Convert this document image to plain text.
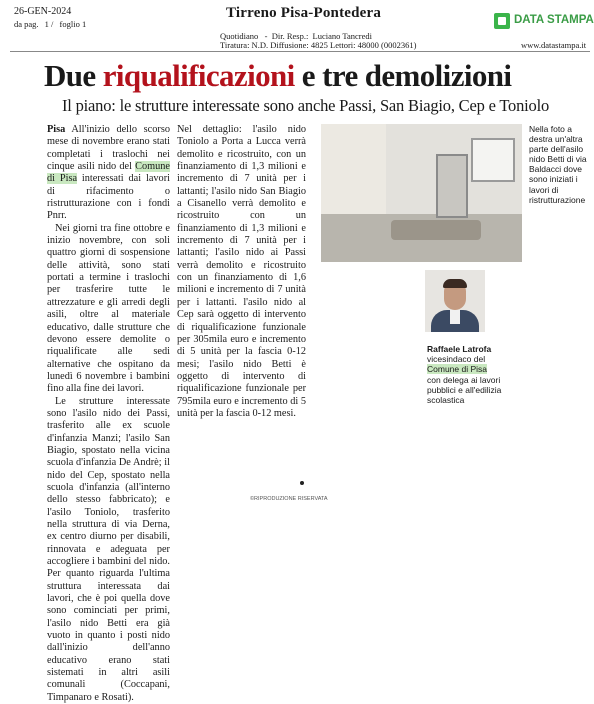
26-GEN-2024
da pag. 1 / foglio 1
Tirreno Pisa-Pontedera
Quotidiano   -  Dir. Resp.:  Luciano Tancredi
Tiratura: N.D. Diffusione: 4825 Lettori: 48000 (0002361)
DATA STAMPA
www.datastampa.it
Due riqualificazioni e tre demolizioni
Il piano: le strutture interessate sono anche Passi, San Biagio, Cep e Toniolo

Pisa All'inizio dello scorso mese di novembre erano stati completati i traslochi nei cinque asili nido del Comune di Pisa interessati dai lavori di rifacimento o ristrutturazione con i fondi Pnrr.

Nei giorni tra fine ottobre e inizio novembre, con soli quattro giorni di sospensione delle attività, sono stati portati a termine i traslochi per trasferire tutte le attrezzature e gli arredi degli asili, oltre al materiale educativo, dalle strutture che devono essere demolite o riqualificate alle sedi alternative che ospitano da lunedì 6 novembre i bambini fino alla fine dei lavori.

Le strutture interessate sono l'asilo nido dei Passi, trasferito alle ex scuole d'infanzia Manzi; l'asilo San Biagio, spostato nella vicina scuola d'infanzia De Andrè; il nido del Cep, spostato nella scuola d'infanzia (all'interno dello stesso fabbricato); e l'asilo Toniolo, trasferito nella struttura di via Derna, ex centro diurno per disabili, rinnovata e adeguata per accogliere i bambini del nido. Per quanto riguarda l'ultima struttura interessata dai lavori, che è poi quella dove sono cominciati per primi, l'asilo nido Betti era già vuoto in quanto i posti nido dall'inizio dell'anno educativo erano stati sistemati in altri asili comunali (Coccapani, Timpanaro e Rosati).

Nel dettaglio: l'asilo nido Toniolo a Porta a Lucca verrà demolito e ricostruito, con un finanziamento di 1,3 milioni e incremento di 7 unità per i lattanti; l'asilo nido San Biagio a Cisanello verrà demolito e ricostruito con un finanziamento di 1,3 milioni e incremento di 7 unità per i lattanti; l'asilo nido ai Passi verrà demolito e ricostruito con un finanziamento di 1,6 milioni e incremento di 7 unità per i lattanti. l'asilo nido al Cep sarà oggetto di intervento di riqualificazione funzionale per 305mila euro e incremento di 5 unità per la fascia 0-12 mesi; l'asilo nido Betti è oggetto di intervento di riqualificazione funzionale per 795mila euro e incremento di 5 unità per la fascia 0-12 mesi.

Nella foto a destra un'altra parte dell'asilo nido Betti di via Baldacci dove sono iniziati i lavori di ristrutturazione
Raffaele Latrofa
vicesindaco del Comune di Pisa con delega ai lavori pubblici e all'edilizia scolastica
©RIPRODUZIONE RISERVATA
